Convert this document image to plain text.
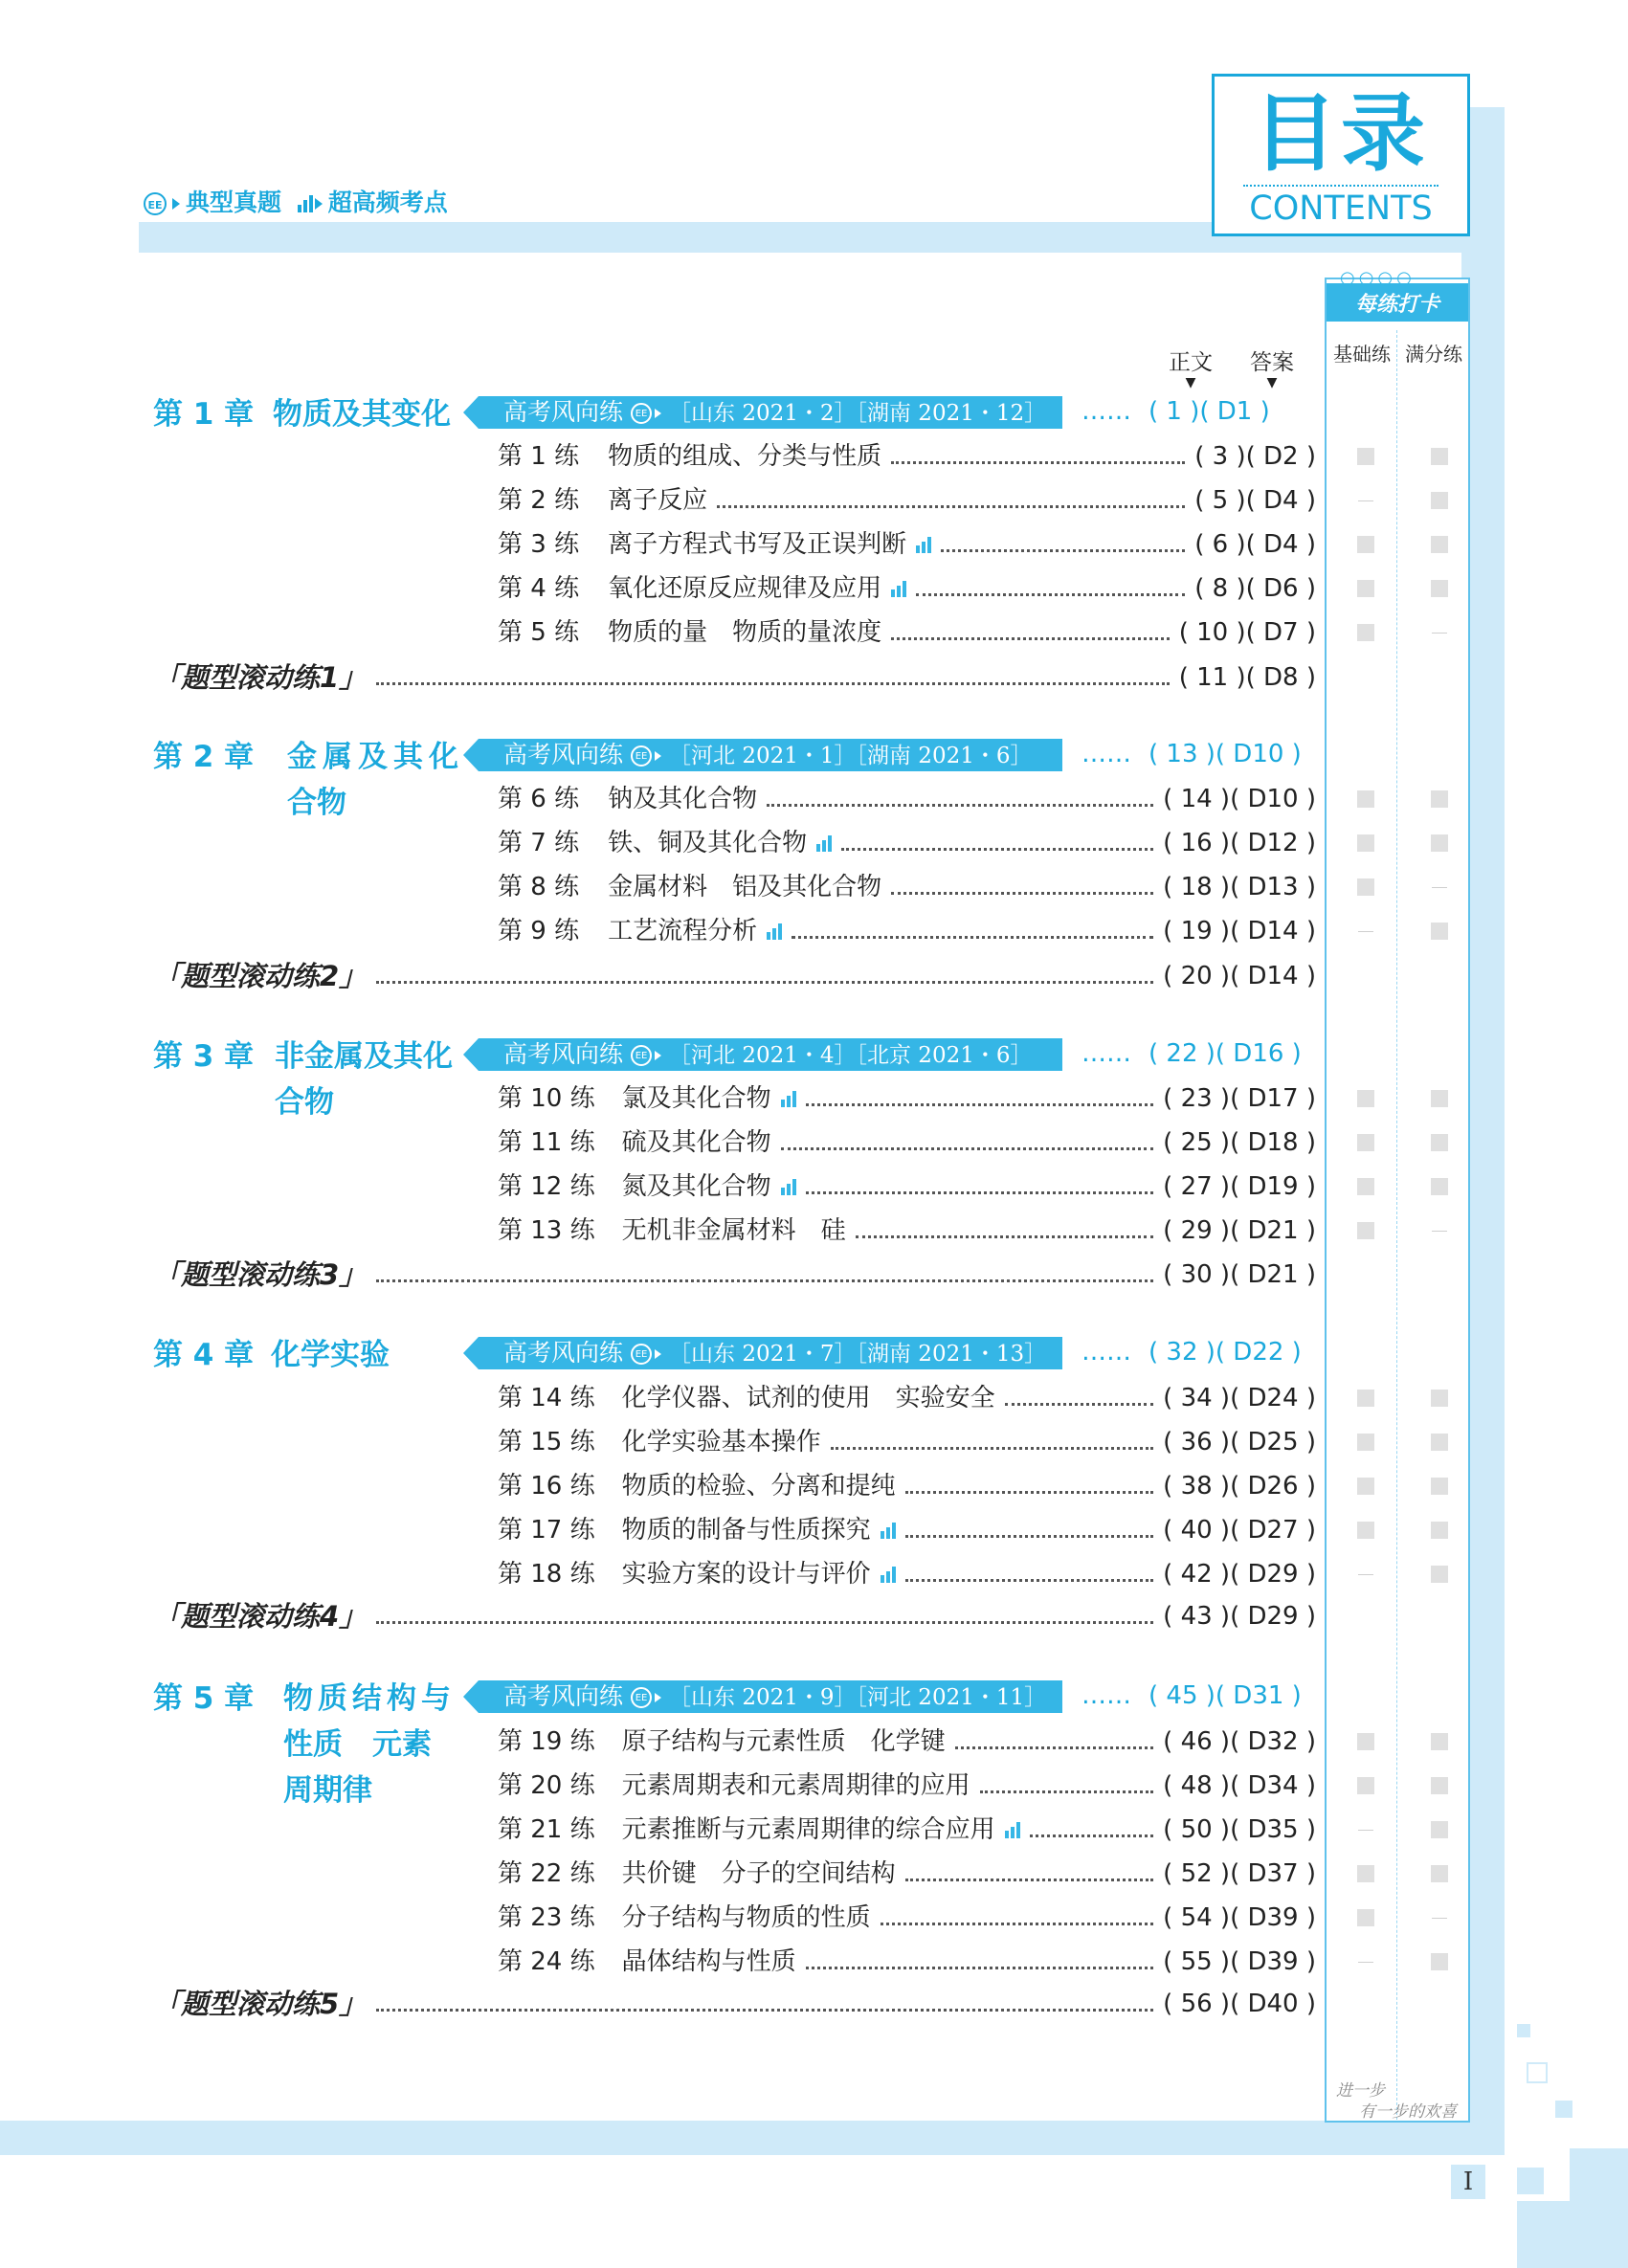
EE 典型真题 超高频考点
目录
CONTENTS
○○○○
每练打卡
基础练 满分练
正文
▼
答案
▼
第 1 章 物质及其变化	高考风向练 EE ［山东 2021・2］［湖南 2021・12］	…… ( 1 )( D1 )
第 1 练 物质的组成、分类与性质	( 3 )( D2 )
第 2 练 离子反应	( 5 )( D4 )
第 3 练 离子方程式书写及正误判断	( 6 )( D4 )
第 4 练 氧化还原反应规律及应用	( 8 )( D6 )
第 5 练 物质的量　物质的量浓度	( 10 )( D7 )
「题型滚动练1」	( 11 )( D8 )
第 2 章 金属及其化
合物
高考风向练 EE ［河北 2021・1］［湖南 2021・6］	…… ( 13 )( D10 )
第 6 练 钠及其化合物	( 14 )( D10 )
第 7 练 铁、铜及其化合物	( 16 )( D12 )
第 8 练 金属材料　铝及其化合物	( 18 )( D13 )
第 9 练 工艺流程分析	( 19 )( D14 )
「题型滚动练2」	( 20 )( D14 )
第 3 章 非金属及其化
合物
高考风向练 EE ［河北 2021・4］［北京 2021・6］	…… ( 22 )( D16 )
第 10 练 氯及其化合物	( 23 )( D17 )
第 11 练 硫及其化合物	( 25 )( D18 )
第 12 练 氮及其化合物	( 27 )( D19 )
第 13 练 无机非金属材料　硅	( 29 )( D21 )
「题型滚动练3」	( 30 )( D21 )
第 4 章 化学实验	高考风向练 EE ［山东 2021・7］［湖南 2021・13］	…… ( 32 )( D22 )
第 14 练 化学仪器、试剂的使用　实验安全	( 34 )( D24 )
第 15 练 化学实验基本操作	( 36 )( D25 )
第 16 练 物质的检验、分离和提纯	( 38 )( D26 )
第 17 练 物质的制备与性质探究	( 40 )( D27 )
第 18 练 实验方案的设计与评价	( 42 )( D29 )
「题型滚动练4」	( 43 )( D29 )
第 5 章 物质结构与
性质　元素
周期律
高考风向练 EE ［山东 2021・9］［河北 2021・11］	…… ( 45 )( D31 )
第 19 练 原子结构与元素性质　化学键	( 46 )( D32 )
第 20 练 元素周期表和元素周期律的应用	( 48 )( D34 )
第 21 练 元素推断与元素周期律的综合应用	( 50 )( D35 )
第 22 练 共价键　分子的空间结构	( 52 )( D37 )
第 23 练 分子结构与物质的性质	( 54 )( D39 )
第 24 练 晶体结构与性质	( 55 )( D39 )
「题型滚动练5」	( 56 )( D40 )
进一步
有一步的欢喜
I
